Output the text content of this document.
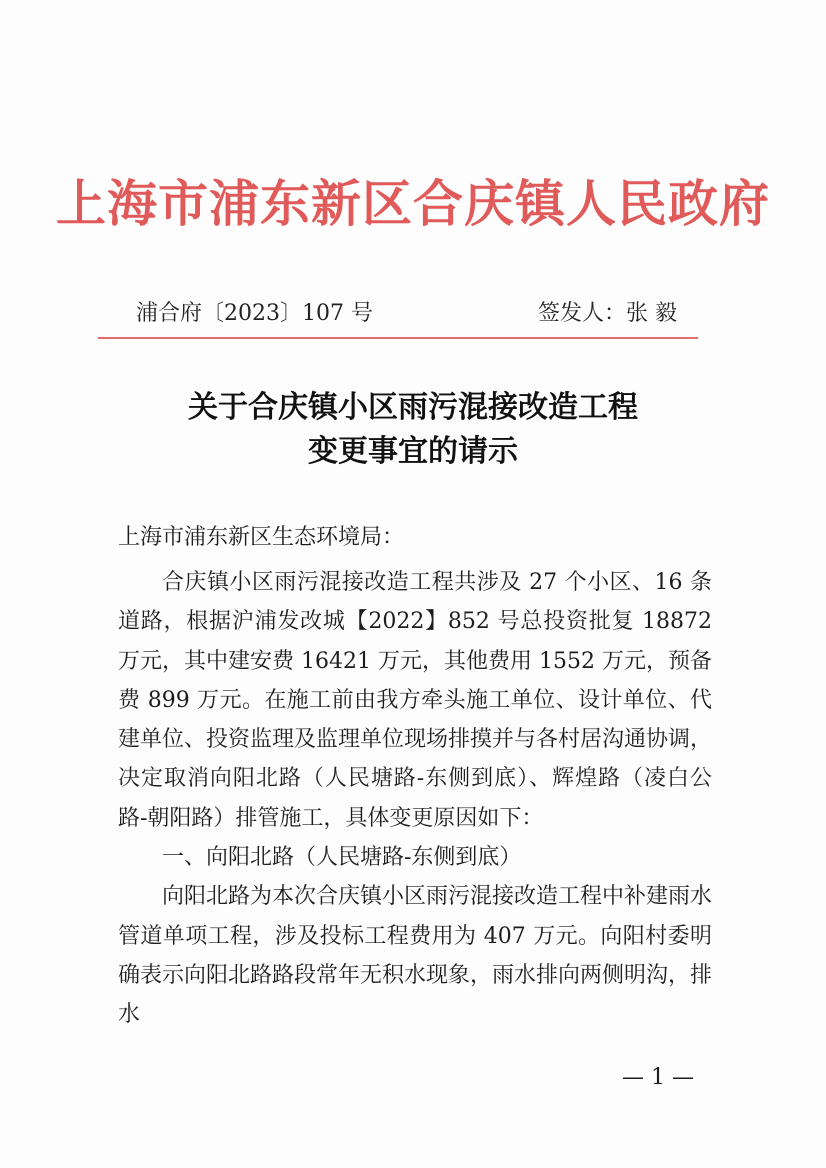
上海市浦东新区合庆镇人民政府
浦合府〔2023〕107 号	签发人：张 毅
关于合庆镇小区雨污混接改造工程
变更事宜的请示
上海市浦东新区生态环境局：

合庆镇小区雨污混接改造工程共涉及 27 个小区、16 条道路，根据沪浦发改城【2022】852 号总投资批复 18872 万元，其中建安费 16421 万元，其他费用 1552 万元，预备费 899 万元。在施工前由我方牵头施工单位、设计单位、代建单位、投资监理及监理单位现场排摸并与各村居沟通协调，决定取消向阳北路（人民塘路-东侧到底）、辉煌路（凌白公路-朝阳路）排管施工，具体变更原因如下：

一、向阳北路（人民塘路-东侧到底）

向阳北路为本次合庆镇小区雨污混接改造工程中补建雨水管道单项工程，涉及投标工程费用为 407 万元。向阳村委明确表示向阳北路路段常年无积水现象，雨水排向两侧明沟，排水

— 1 —
